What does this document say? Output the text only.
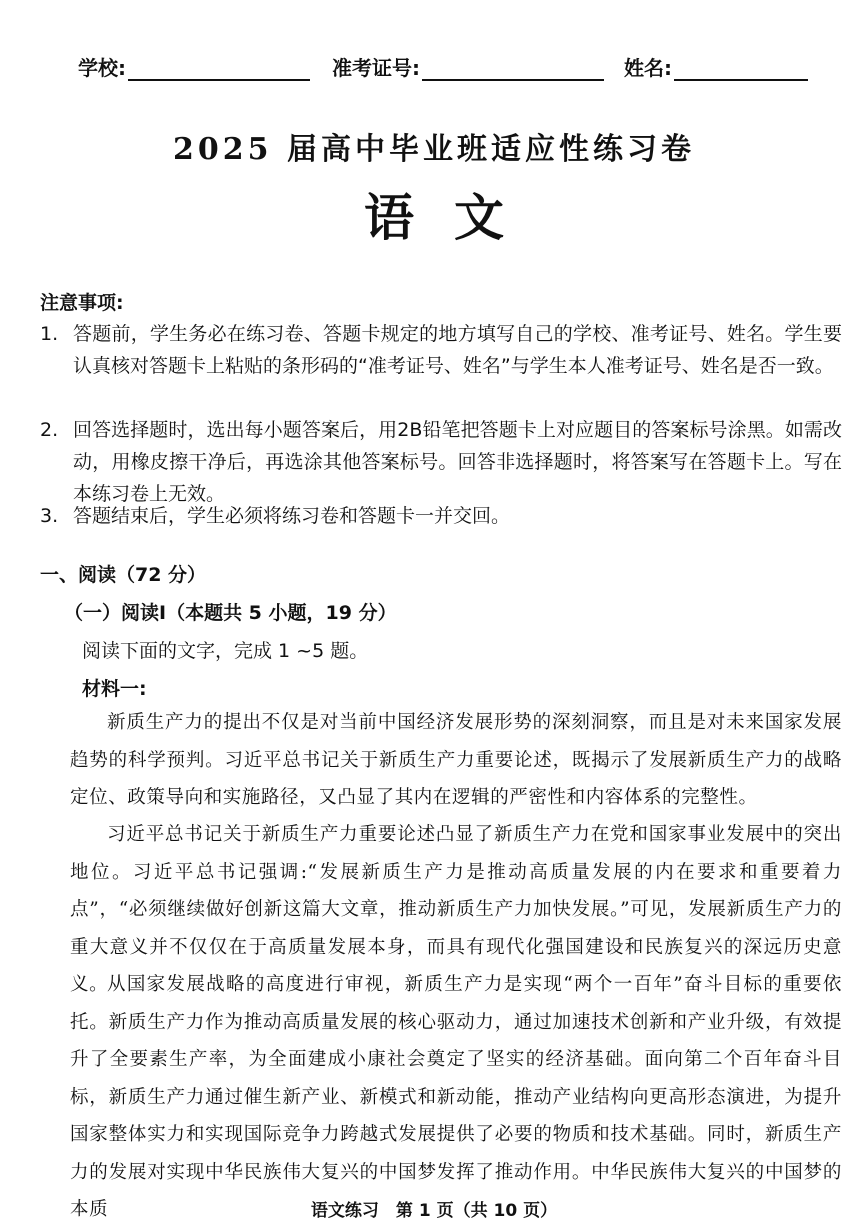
学校:	准考证号:	姓名:
2025 届高中毕业班适应性练习卷
语文
注意事项:
1. 答题前，学生务必在练习卷、答题卡规定的地方填写自己的学校、准考证号、姓名。学生要认真核对答题卡上粘贴的条形码的“准考证号、姓名”与学生本人准考证号、姓名是否一致。
2. 回答选择题时，选出每小题答案后，用2B铅笔把答题卡上对应题目的答案标号涂黑。如需改动，用橡皮擦干净后，再选涂其他答案标号。回答非选择题时，将答案写在答题卡上。写在本练习卷上无效。
3. 答题结束后，学生必须将练习卷和答题卡一并交回。
一、阅读（72 分）
（一）阅读Ⅰ（本题共 5 小题，19 分）
阅读下面的文字，完成 1 ~5 题。
材料一:
新质生产力的提出不仅是对当前中国经济发展形势的深刻洞察，而且是对未来国家发展趋势的科学预判。习近平总书记关于新质生产力重要论述，既揭示了发展新质生产力的战略定位、政策导向和实施路径，又凸显了其内在逻辑的严密性和内容体系的完整性。
习近平总书记关于新质生产力重要论述凸显了新质生产力在党和国家事业发展中的突出地位。习近平总书记强调:“发展新质生产力是推动高质量发展的内在要求和重要着力点”，“必须继续做好创新这篇大文章，推动新质生产力加快发展。”可见，发展新质生产力的重大意义并不仅仅在于高质量发展本身，而具有现代化强国建设和民族复兴的深远历史意义。
从国家发展战略的高度进行审视，新质生产力是实现“两个一百年”奋斗目标的重要依托。新质生产力作为推动高质量发展的核心驱动力，通过加速技术创新和产业升级，有效提升了全要素生产率，为全面建成小康社会奠定了坚实的经济基础。面向第二个百年奋斗目标，新质生产力通过催生新产业、新模式和新动能，推动产业结构向更高形态演进，为提升国家整体实力和实现国际竞争力跨越式发展提供了必要的物质和技术基础。同时，新质生产力的发展对实现中华民族伟大复兴的中国梦发挥了推动作用。中华民族伟大复兴的中国梦的本质	语文练习　第 1 页（共 10 页）
